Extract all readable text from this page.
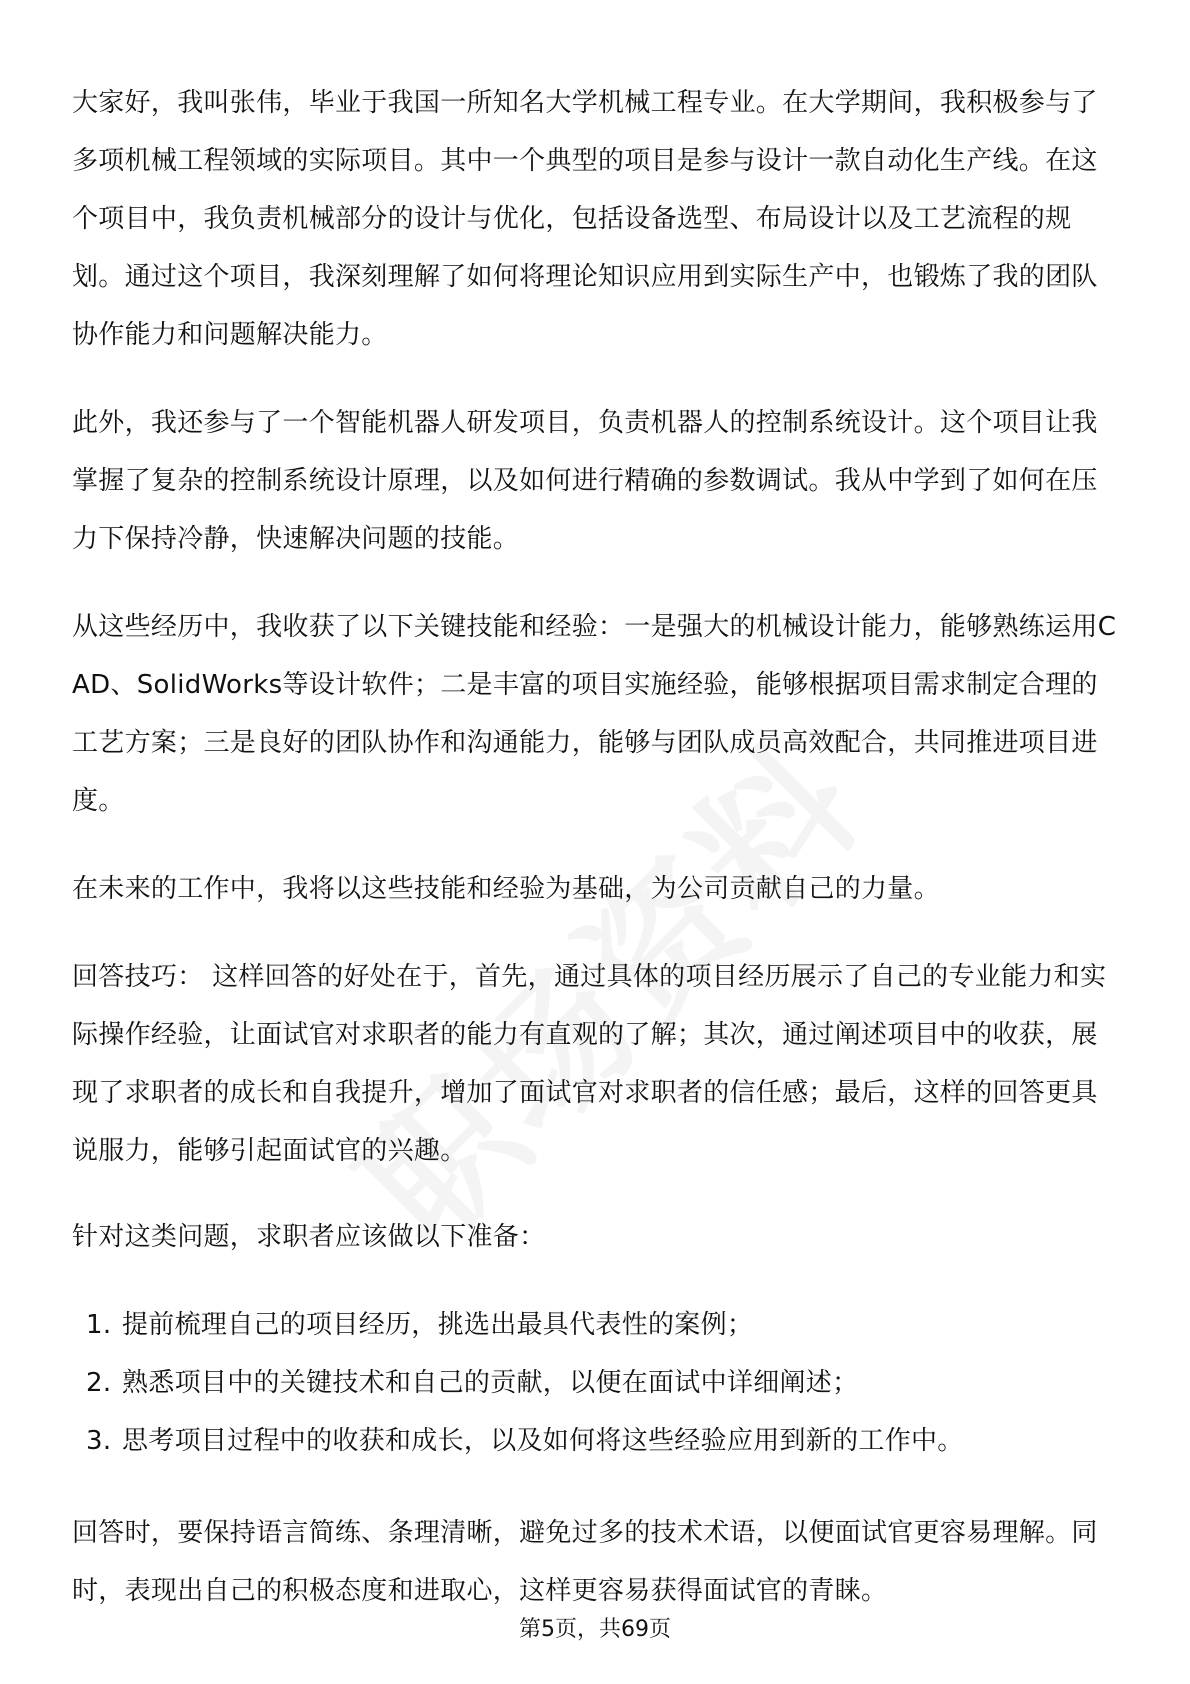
大家好，我叫张伟，毕业于我国一所知名大学机械工程专业。在大学期间，我积极参与了多项机械工程领域的实际项目。其中一个典型的项目是参与设计一款自动化生产线。在这个项目中，我负责机械部分的设计与优化，包括设备选型、布局设计以及工艺流程的规划。通过这个项目，我深刻理解了如何将理论知识应用到实际生产中，也锻炼了我的团队协作能力和问题解决能力。

此外，我还参与了一个智能机器人研发项目，负责机器人的控制系统设计。这个项目让我掌握了复杂的控制系统设计原理，以及如何进行精确的参数调试。我从中学到了如何在压力下保持冷静，快速解决问题的技能。

从这些经历中，我收获了以下关键技能和经验：一是强大的机械设计能力，能够熟练运用CAD、SolidWorks等设计软件；二是丰富的项目实施经验，能够根据项目需求制定合理的工艺方案；三是良好的团队协作和沟通能力，能够与团队成员高效配合，共同推进项目进度。

在未来的工作中，我将以这些技能和经验为基础，为公司贡献自己的力量。

回答技巧： 这样回答的好处在于，首先，通过具体的项目经历展示了自己的专业能力和实际操作经验，让面试官对求职者的能力有直观的了解；其次，通过阐述项目中的收获，展现了求职者的成长和自我提升，增加了面试官对求职者的信任感；最后，这样的回答更具说服力，能够引起面试官的兴趣。

针对这类问题，求职者应该做以下准备：

1. 提前梳理自己的项目经历，挑选出最具代表性的案例；
2. 熟悉项目中的关键技术和自己的贡献，以便在面试中详细阐述；
3. 思考项目过程中的收获和成长，以及如何将这些经验应用到新的工作中。

回答时，要保持语言简练、条理清晰，避免过多的技术术语，以便面试官更容易理解。同时，表现出自己的积极态度和进取心，这样更容易获得面试官的青睐。

第5页，共69页
